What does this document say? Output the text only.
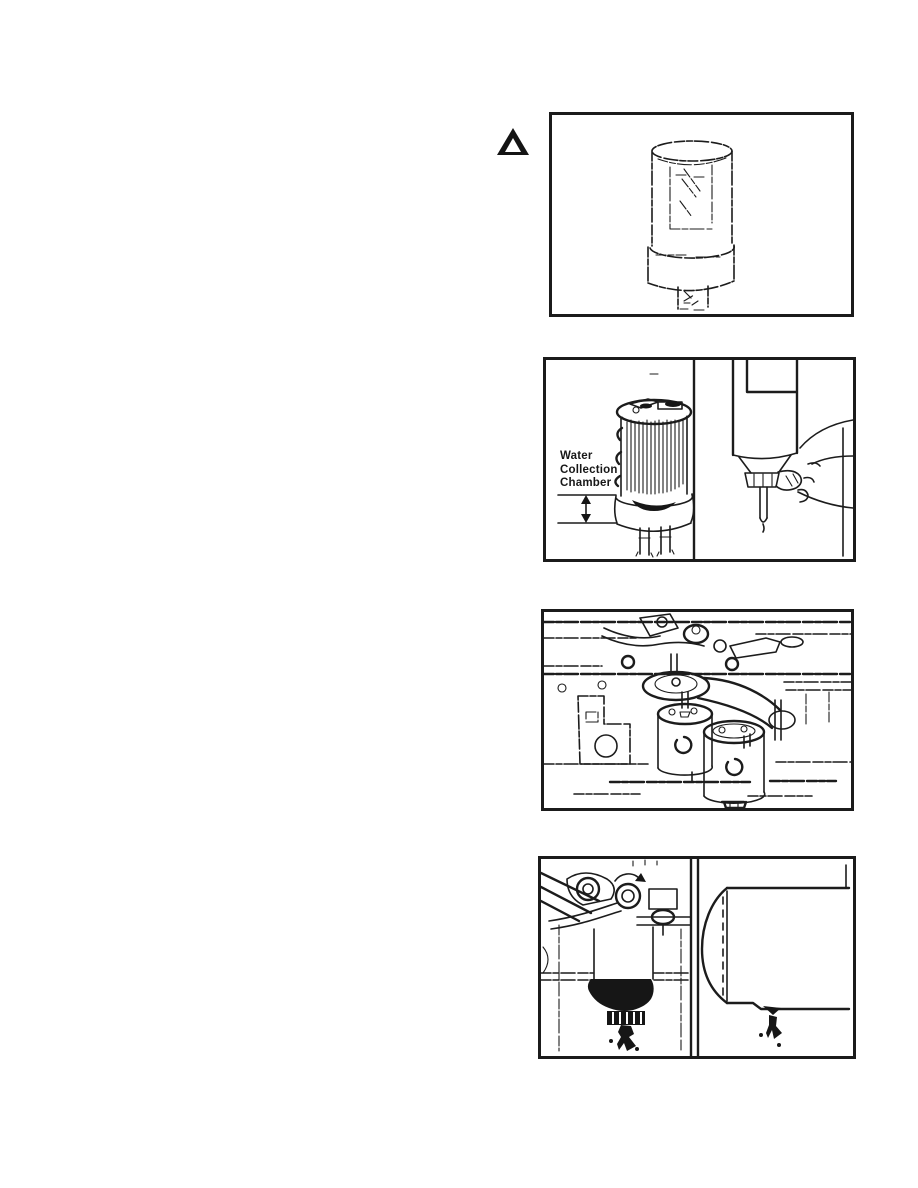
Water
Collection
Chamber
